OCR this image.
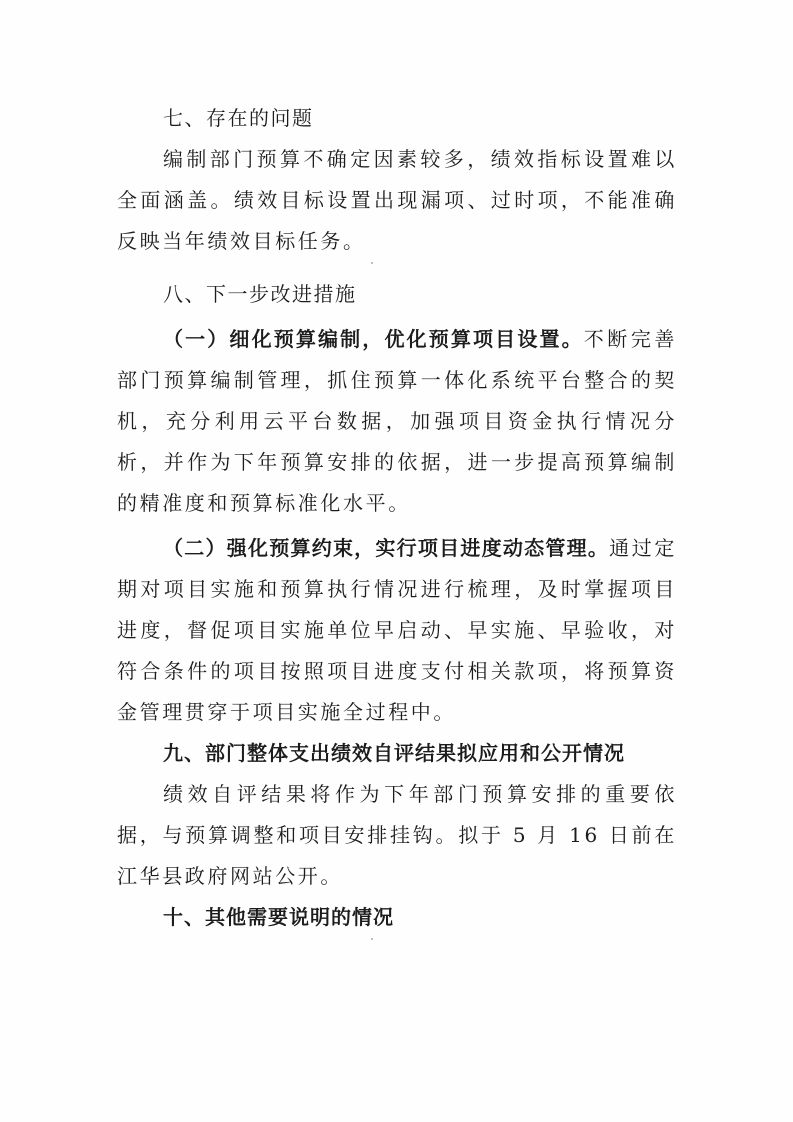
七、存在的问题

编制部门预算不确定因素较多，绩效指标设置难以全面涵盖。绩效目标设置出现漏项、过时项，不能准确反映当年绩效目标任务。

八、下一步改进措施

（一）细化预算编制，优化预算项目设置。不断完善部门预算编制管理，抓住预算一体化系统平台整合的契机，充分利用云平台数据，加强项目资金执行情况分析，并作为下年预算安排的依据，进一步提高预算编制的精准度和预算标准化水平。

（二）强化预算约束，实行项目进度动态管理。通过定期对项目实施和预算执行情况进行梳理，及时掌握项目进度，督促项目实施单位早启动、早实施、早验收，对符合条件的项目按照项目进度支付相关款项，将预算资金管理贯穿于项目实施全过程中。

九、部门整体支出绩效自评结果拟应用和公开情况

绩效自评结果将作为下年部门预算安排的重要依据，与预算调整和项目安排挂钩。拟于 5 月 16 日前在江华县政府网站公开。

十、其他需要说明的情况
